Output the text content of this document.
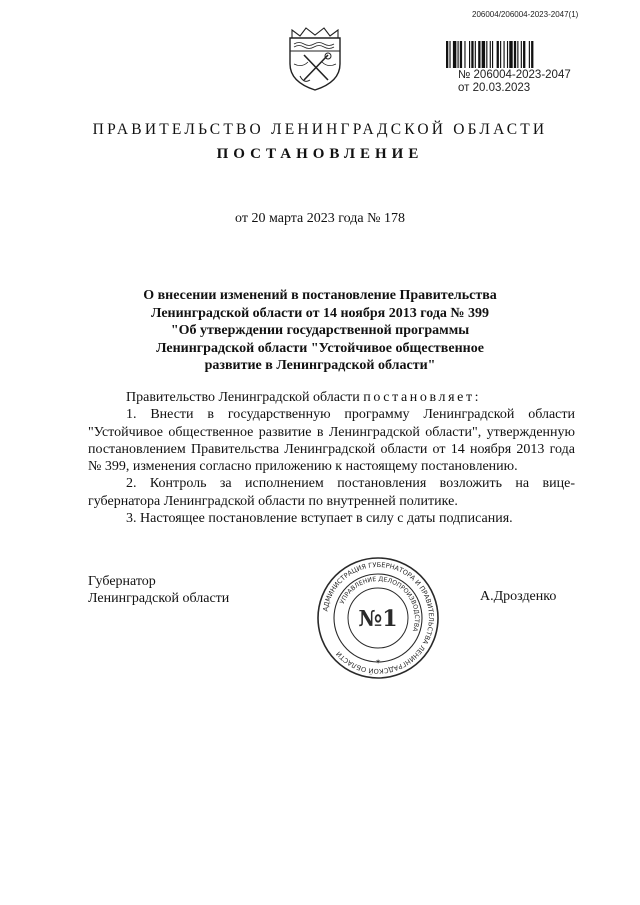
206004/206004-2023-2047(1)
№ 206004-2023-2047
от 20.03.2023
ПРАВИТЕЛЬСТВО ЛЕНИНГРАДСКОЙ ОБЛАСТИ
ПОСТАНОВЛЕНИЕ
от 20 марта 2023 года № 178
О внесении изменений в постановление Правительства
Ленинградской области от 14 ноября 2013 года № 399
"Об утверждении государственной программы
Ленинградской области "Устойчивое общественное
развитие в Ленинградской области"

Правительство Ленинградской области постановляет:

1. Внести в государственную программу Ленинградской области "Устойчивое общественное развитие в Ленинградской области", утвержденную постановлением Правительства Ленинградской области от 14 ноября 2013 года № 399, изменения согласно приложению к настоящему постановлению.

2. Контроль за исполнением постановления возложить на вице-губернатора Ленинградской области по внутренней политике.

3. Настоящее постановление вступает в силу с даты подписания.

Губернатор
Ленинградской области
АДМИНИСТРАЦИЯ ГУБЕРНАТОРА И ПРАВИТЕЛЬСТВА ЛЕНИНГРАДСКОЙ ОБЛАСТИ
УПРАВЛЕНИЕ ДЕЛОПРОИЗВОДСТВА
№1
✶
А.Дрозденко
